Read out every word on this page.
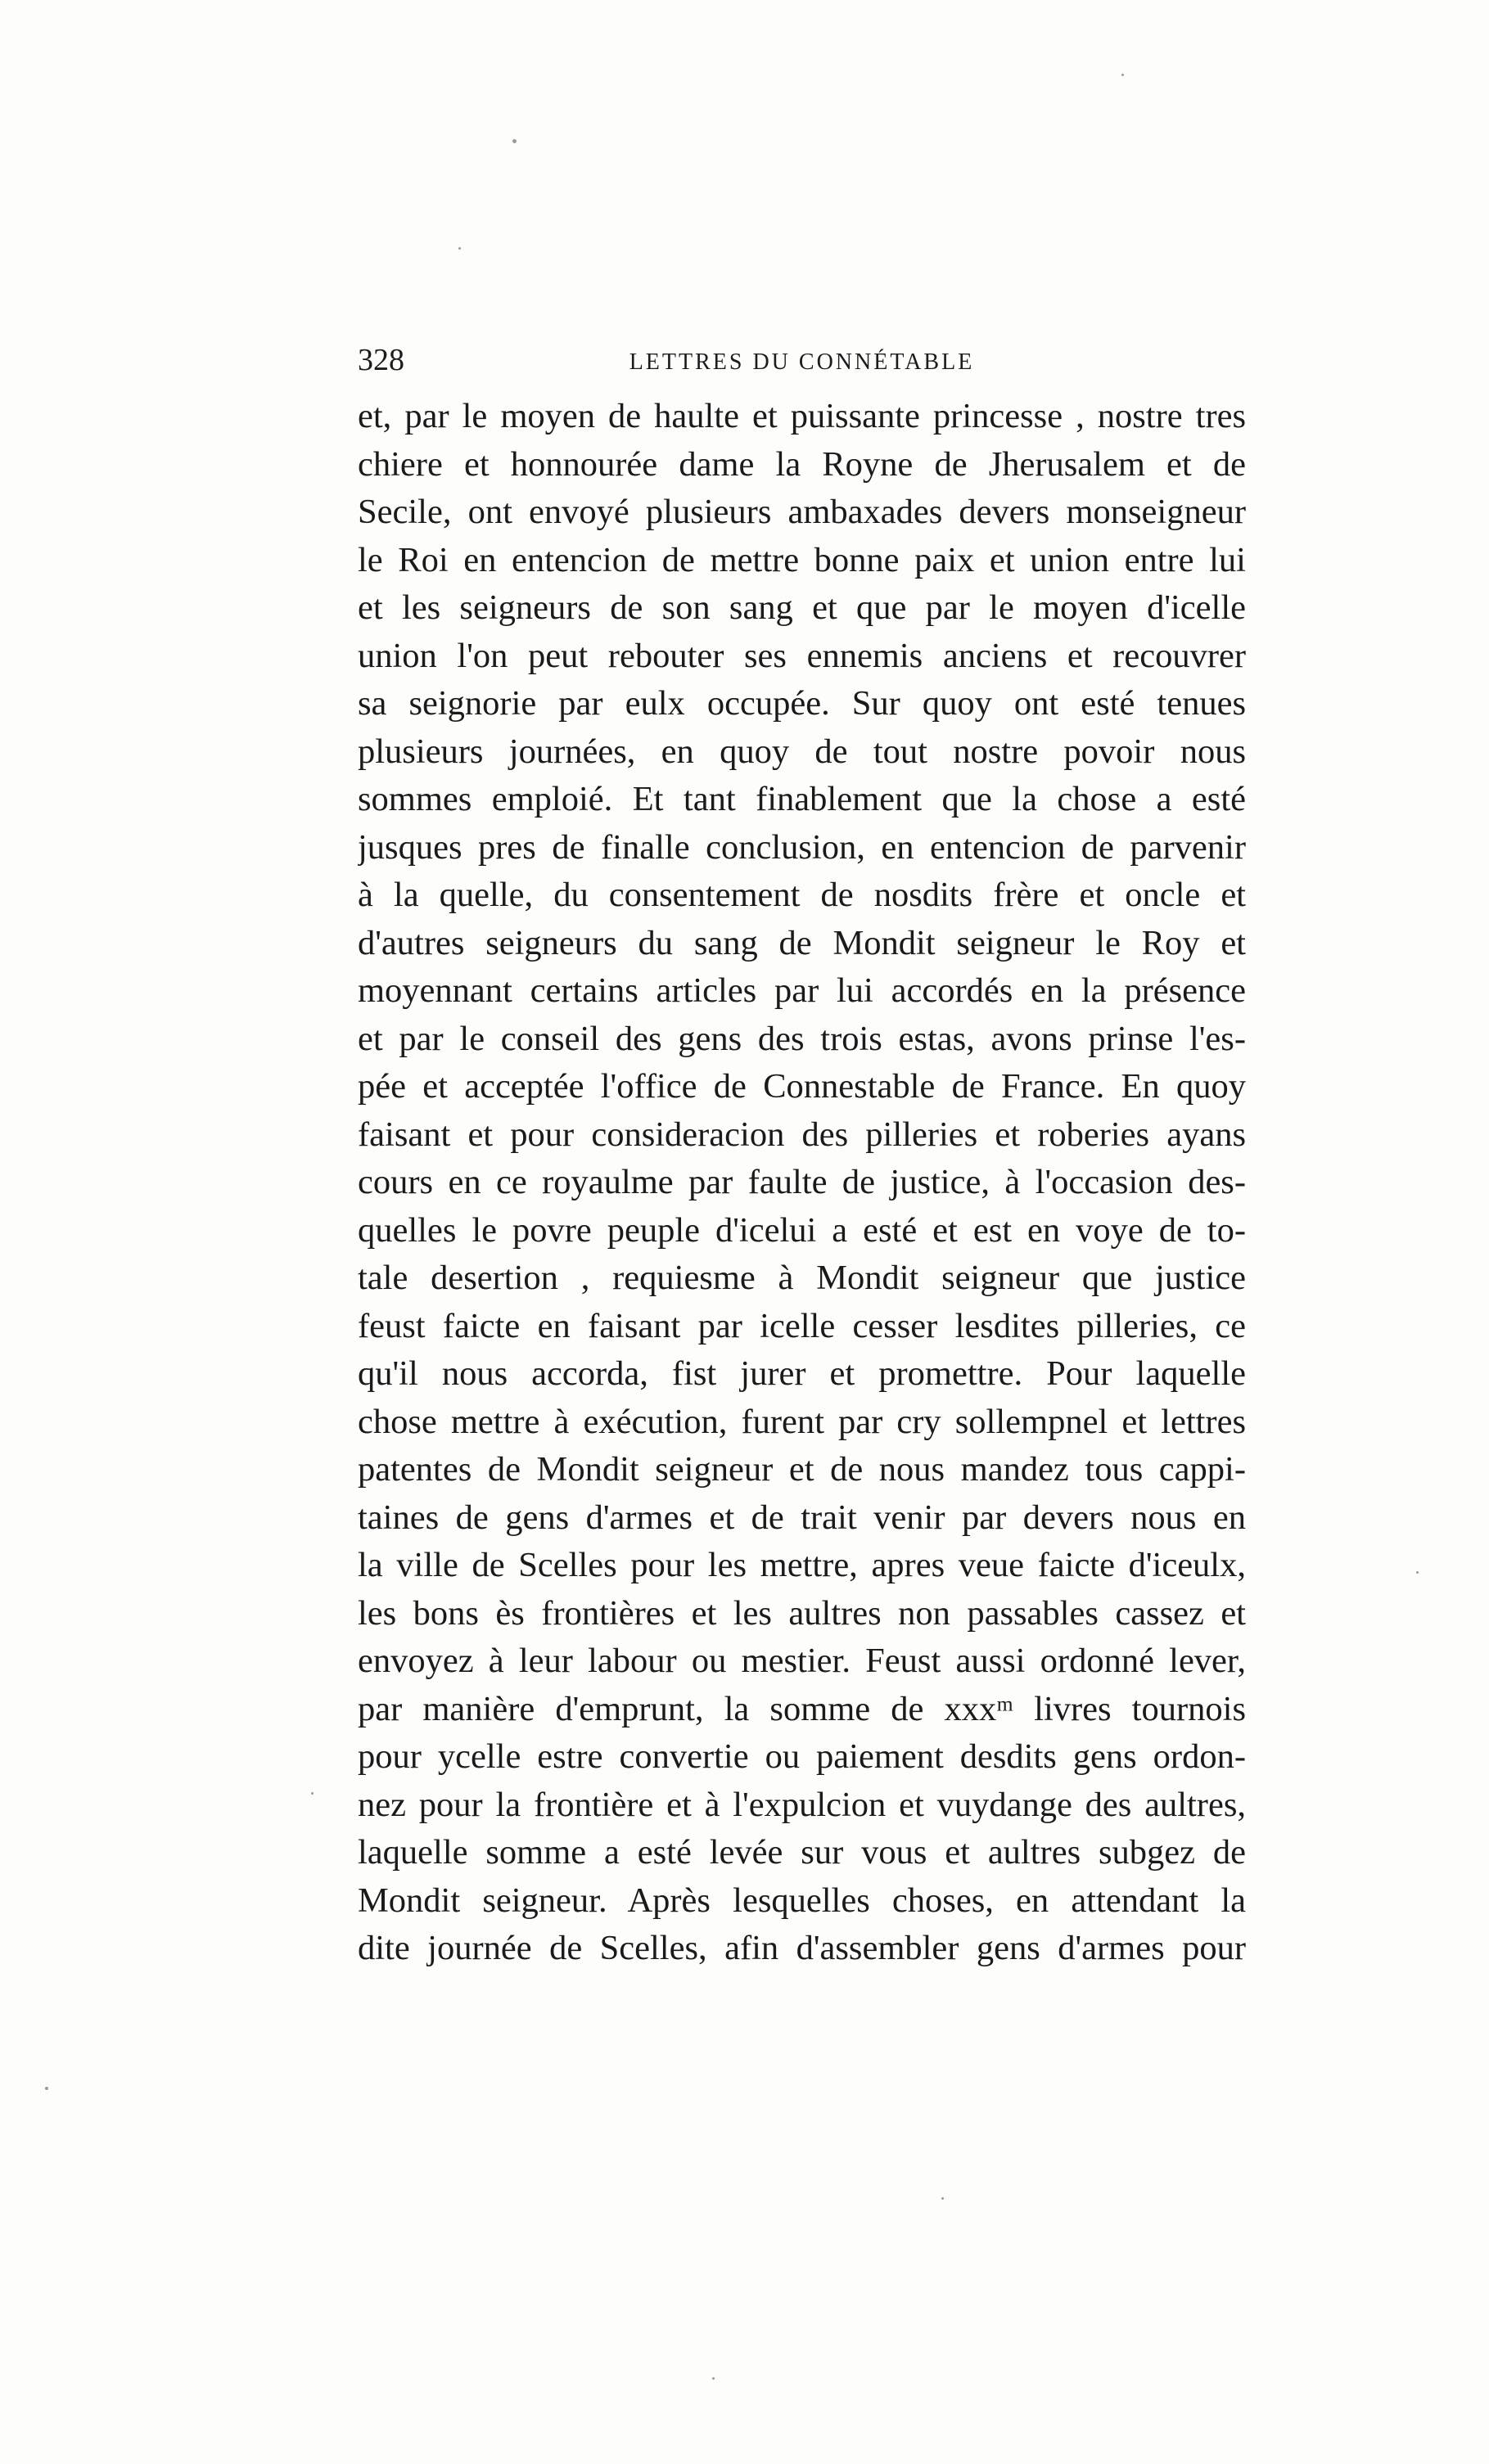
328	LETTRES DU CONNÉTABLE
et, par le moyen de haulte et puissante princesse , nostre tres
chiere et honnourée dame la Royne de Jherusalem et de
Secile, ont envoyé plusieurs ambaxades devers monseigneur
le Roi en entencion de mettre bonne paix et union entre lui
et les seigneurs de son sang et que par le moyen d'icelle
union l'on peut rebouter ses ennemis anciens et recouvrer
sa seignorie par eulx occupée. Sur quoy ont esté tenues
plusieurs journées, en quoy de tout nostre povoir nous
sommes emploié. Et tant finablement que la chose a esté
jusques pres de finalle conclusion, en entencion de parvenir
à la quelle, du consentement de nosdits frère et oncle et
d'autres seigneurs du sang de Mondit seigneur le Roy et
moyennant certains articles par lui accordés en la présence
et par le conseil des gens des trois estas, avons prinse l'es-
pée et acceptée l'office de Connestable de France. En quoy
faisant et pour consideracion des pilleries et roberies ayans
cours en ce royaulme par faulte de justice, à l'occasion des-
quelles le povre peuple d'icelui a esté et est en voye de to-
tale desertion , requiesme à Mondit seigneur que justice
feust faicte en faisant par icelle cesser lesdites pilleries, ce
qu'il nous accorda, fist jurer et promettre. Pour laquelle
chose mettre à exécution, furent par cry sollempnel et lettres
patentes de Mondit seigneur et de nous mandez tous cappi-
taines de gens d'armes et de trait venir par devers nous en
la ville de Scelles pour les mettre, apres veue faicte d'iceulx,
les bons ès frontières et les aultres non passables cassez et
envoyez à leur labour ou mestier. Feust aussi ordonné lever,
par manière d'emprunt, la somme de xxxᵐ livres tournois
pour ycelle estre convertie ou paiement desdits gens ordon-
nez pour la frontière et à l'expulcion et vuydange des aultres,
laquelle somme a esté levée sur vous et aultres subgez de
Mondit seigneur. Après lesquelles choses, en attendant la
dite journée de Scelles, afin d'assembler gens d'armes pour
